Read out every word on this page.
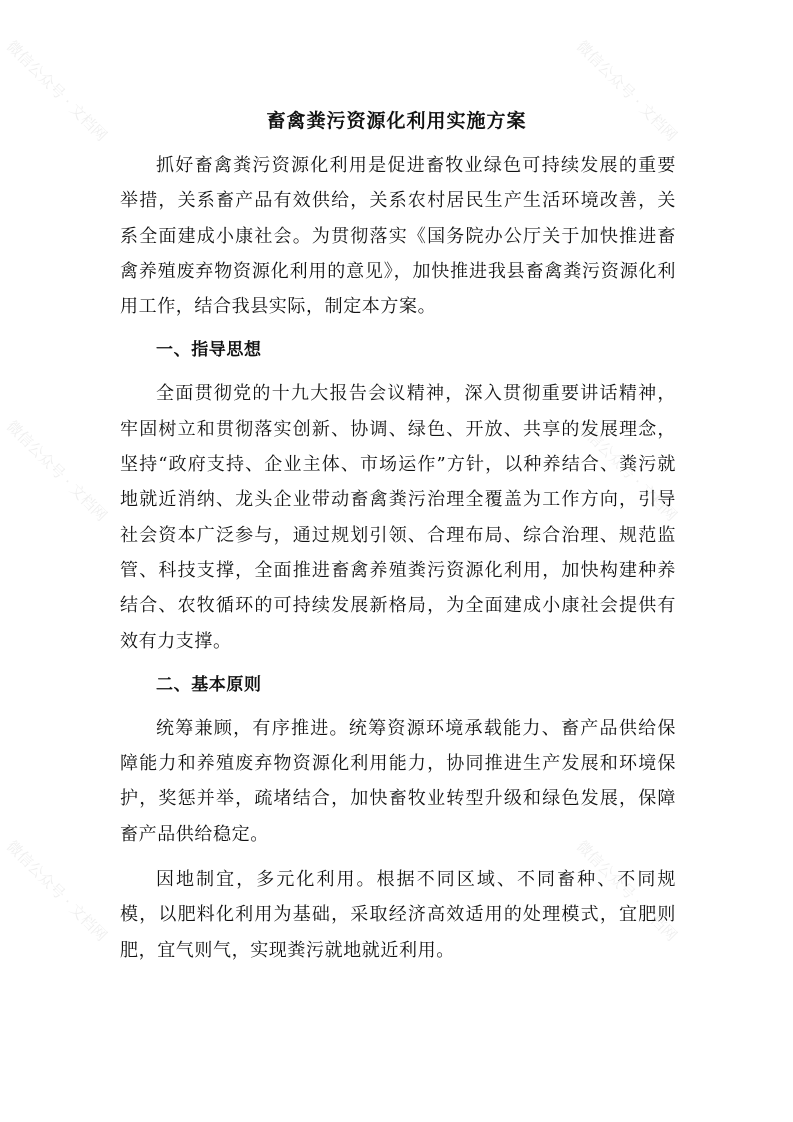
微信公众号 · 文档网	微信公众号 · 文档网
微信公众号 · 文档网	微信公众号 · 文档网
微信公众号 · 文档网	微信公众号 · 文档网
畜禽粪污资源化利用实施方案

抓好畜禽粪污资源化利用是促进畜牧业绿色可持续发展的重要举措，关系畜产品有效供给，关系农村居民生产生活环境改善，关系全面建成小康社会。为贯彻落实《国务院办公厅关于加快推进畜禽养殖废弃物资源化利用的意见》，加快推进我县畜禽粪污资源化利用工作，结合我县实际，制定本方案。

一、指导思想

全面贯彻党的十九大报告会议精神，深入贯彻重要讲话精神，牢固树立和贯彻落实创新、协调、绿色、开放、共享的发展理念，坚持“政府支持、企业主体、市场运作”方针，以种养结合、粪污就地就近消纳、龙头企业带动畜禽粪污治理全覆盖为工作方向，引导社会资本广泛参与，通过规划引领、合理布局、综合治理、规范监管、科技支撑，全面推进畜禽养殖粪污资源化利用，加快构建种养结合、农牧循环的可持续发展新格局，为全面建成小康社会提供有效有力支撑。

二、基本原则

统筹兼顾，有序推进。统筹资源环境承载能力、畜产品供给保障能力和养殖废弃物资源化利用能力，协同推进生产发展和环境保护，奖惩并举，疏堵结合，加快畜牧业转型升级和绿色发展，保障畜产品供给稳定。

因地制宜，多元化利用。根据不同区域、不同畜种、不同规模，以肥料化利用为基础，采取经济高效适用的处理模式，宜肥则肥，宜气则气，实现粪污就地就近利用。
